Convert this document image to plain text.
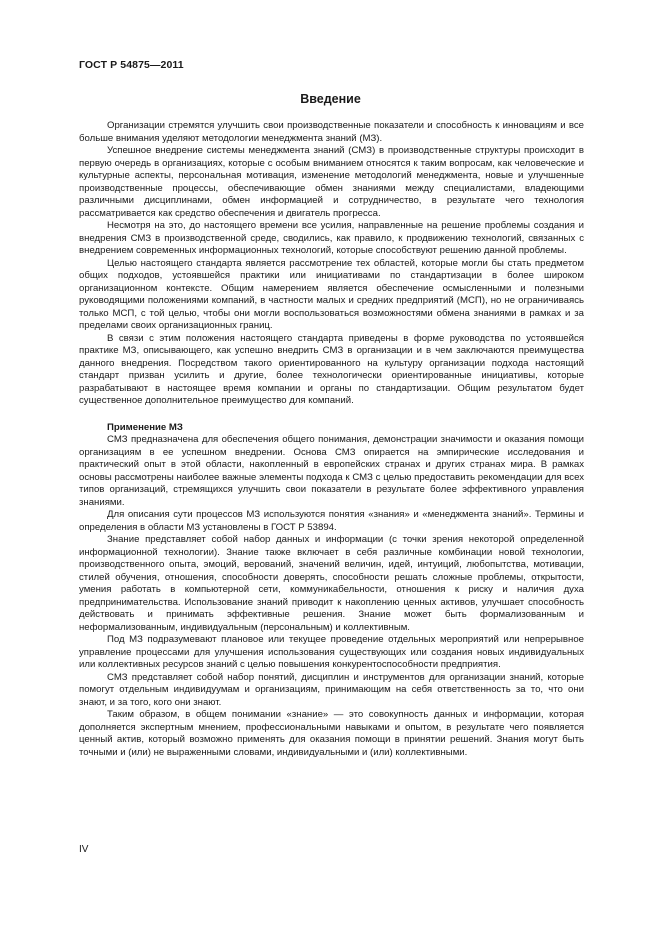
ГОСТ Р 54875—2011
Введение

Организации стремятся улучшить свои производственные показатели и способность к инновациям и все больше внимания уделяют методологии менеджмента знаний (МЗ).

Успешное внедрение системы менеджмента знаний (СМЗ) в производственные структуры происходит в первую очередь в организациях, которые с особым вниманием относятся к таким вопросам, как человеческие и культурные аспекты, персональная мотивация, изменение методологий менеджмента, новые и улучшенные производственные процессы, обеспечивающие обмен знаниями между специалистами, владеющими различными дисциплинами, обмен информацией и сотрудничество, в результате чего технология рассматривается как средство обеспечения и двигатель прогресса.

Несмотря на это, до настоящего времени все усилия, направленные на решение проблемы создания и внедрения СМЗ в производственной среде, сводились, как правило, к продвижению технологий, связанных с внедрением современных информационных технологий, которые способствуют решению данной проблемы.

Целью настоящего стандарта является рассмотрение тех областей, которые могли бы стать предметом общих подходов, устоявшейся практики или инициативами по стандартизации в более широком организационном контексте. Общим намерением является обеспечение осмысленными и полезными руководящими положениями компаний, в частности малых и средних предприятий (МСП), но не ограничиваясь только МСП, с той целью, чтобы они могли воспользоваться возможностями обмена знаниями в рамках и за пределами своих организационных границ.

В связи с этим положения настоящего стандарта приведены в форме руководства по устоявшейся практике МЗ, описывающего, как успешно внедрить СМЗ в организации и в чем заключаются преимущества данного внедрения. Посредством такого ориентированного на культуру организации подхода настоящий стандарт призван усилить и другие, более технологически ориентированные инициативы, которые разрабатывают в настоящее время компании и органы по стандартизации. Общим результатом будет существенное дополнительное преимущество для компаний.

Применение МЗ

СМЗ предназначена для обеспечения общего понимания, демонстрации значимости и оказания помощи организациям в ее успешном внедрении. Основа СМЗ опирается на эмпирические исследования и практический опыт в этой области, накопленный в европейских странах и других странах мира. В рамках основы рассмотрены наиболее важные элементы подхода к СМЗ с целью предоставить рекомендации для всех типов организаций, стремящихся улучшить свои показатели в результате более эффективного управления знаниями.

Для описания сути процессов МЗ используются понятия «знания» и «менеджмента знаний». Термины и определения в области МЗ установлены в ГОСТ Р 53894.

Знание представляет собой набор данных и информации (с точки зрения некоторой определенной информационной технологии). Знание также включает в себя различные комбинации новой технологии, производственного опыта, эмоций, верований, значений величин, идей, интуиций, любопытства, мотивации, стилей обучения, отношения, способности доверять, способности решать сложные проблемы, открытости, умения работать в компьютерной сети, коммуникабельности, отношения к риску и наличия духа предпринимательства. Использование знаний приводит к накоплению ценных активов, улучшает способность действовать и принимать эффективные решения. Знание может быть формализованным и неформализованным, индивидуальным (персональным) и коллективным.

Под МЗ подразумевают плановое или текущее проведение отдельных мероприятий или непрерывное управление процессами для улучшения использования существующих или создания новых индивидуальных или коллективных ресурсов знаний с целью повышения конкурентоспособности предприятия.

СМЗ представляет собой набор понятий, дисциплин и инструментов для организации знаний, которые помогут отдельным индивидуумам и организациям, принимающим на себя ответственность за то, что они знают, и за того, кого они знают.

Таким образом, в общем понимании «знание» — это совокупность данных и информации, которая дополняется экспертным мнением, профессиональными навыками и опытом, в результате чего появляется ценный актив, который возможно применять для оказания помощи в принятии решений. Знания могут быть точными и (или) не выраженными словами, индивидуальными и (или) коллективными.

IV
